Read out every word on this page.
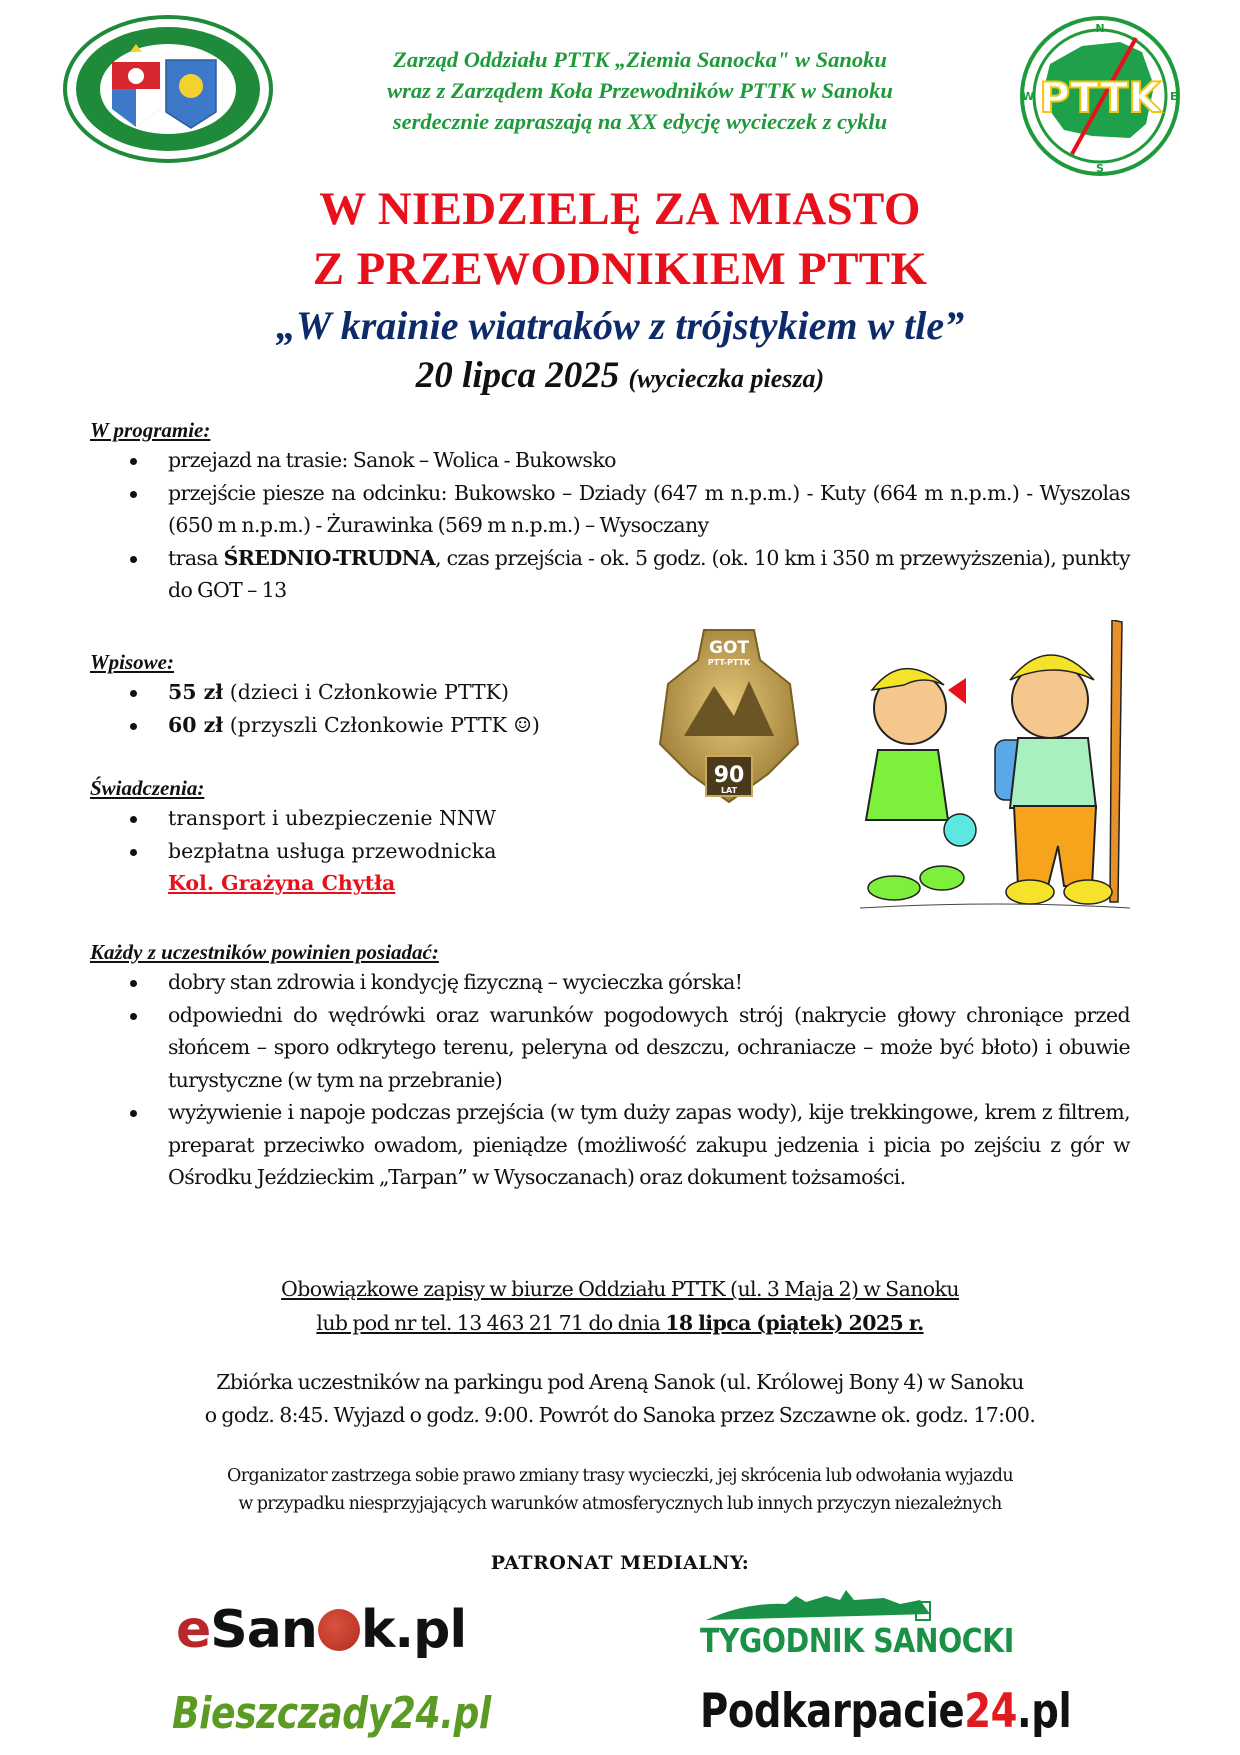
Zarząd Oddziału PTTK „Ziemia Sanocka" w Sanoku
wraz z Zarządem Koła Przewodników PTTK w Sanoku
serdecznie zapraszają na XX edycję wycieczek z cyklu
N
S
W	E
PTTK
W NIEDZIELĘ ZA MIASTO
Z PRZEWODNIKIEM PTTK
„W krainie wiatraków z trójstykiem w tle”
20 lipca 2025 (wycieczka piesza)
W programie:
przejazd na trasie: Sanok – Wolica - Bukowsko
przejście piesze na odcinku: Bukowsko – Dziady (647 m n.p.m.) - Kuty (664 m n.p.m.) - Wyszolas (650 m n.p.m.) - Żurawinka (569 m n.p.m.) – Wysoczany
trasa ŚREDNIO-TRUDNA, czas przejścia - ok. 5 godz. (ok. 10 km i 350 m przewyższenia), punkty do GOT – 13
Wpisowe:
55 zł (dzieci i Członkowie PTTK)
60 zł (przyszli Członkowie PTTK ☺)
Świadczenia:
transport i ubezpieczenie NNW
bezpłatna usługa przewodnicka
Kol. Grażyna Chytła
GOT
PTT-PTTK
90
LAT
Każdy z uczestników powinien posiadać:
dobry stan zdrowia i kondycję fizyczną – wycieczka górska!
odpowiedni do wędrówki oraz warunków pogodowych strój (nakrycie głowy chroniące przed słońcem – sporo odkrytego terenu, peleryna od deszczu, ochraniacze – może być błoto) i obuwie turystyczne (w tym na przebranie)
wyżywienie i napoje podczas przejścia (w tym duży zapas wody), kije trekkingowe, krem z filtrem, preparat przeciwko owadom, pieniądze (możliwość zakupu jedzenia i picia po zejściu z gór w Ośrodku Jeździeckim „Tarpan” w Wysoczanach) oraz dokument tożsamości.
Obowiązkowe zapisy w biurze Oddziału PTTK (ul. 3 Maja 2) w Sanoku
lub pod nr tel. 13 463 21 71 do dnia 18 lipca (piątek) 2025 r.
Zbiórka uczestników na parkingu pod Areną Sanok (ul. Królowej Bony 4) w Sanoku
o godz. 8:45. Wyjazd o godz. 9:00. Powrót do Sanoka przez Szczawne ok. godz. 17:00.
Organizator zastrzega sobie prawo zmiany trasy wycieczki, jej skrócenia lub odwołania wyjazdu
w przypadku niesprzyjających warunków atmosferycznych lub innych przyczyn niezależnych
PATRONAT MEDIALNY:
eSan k.pl	TYGODNIK SANOCKI
Bieszczady24.pl	Podkarpacie24.pl
